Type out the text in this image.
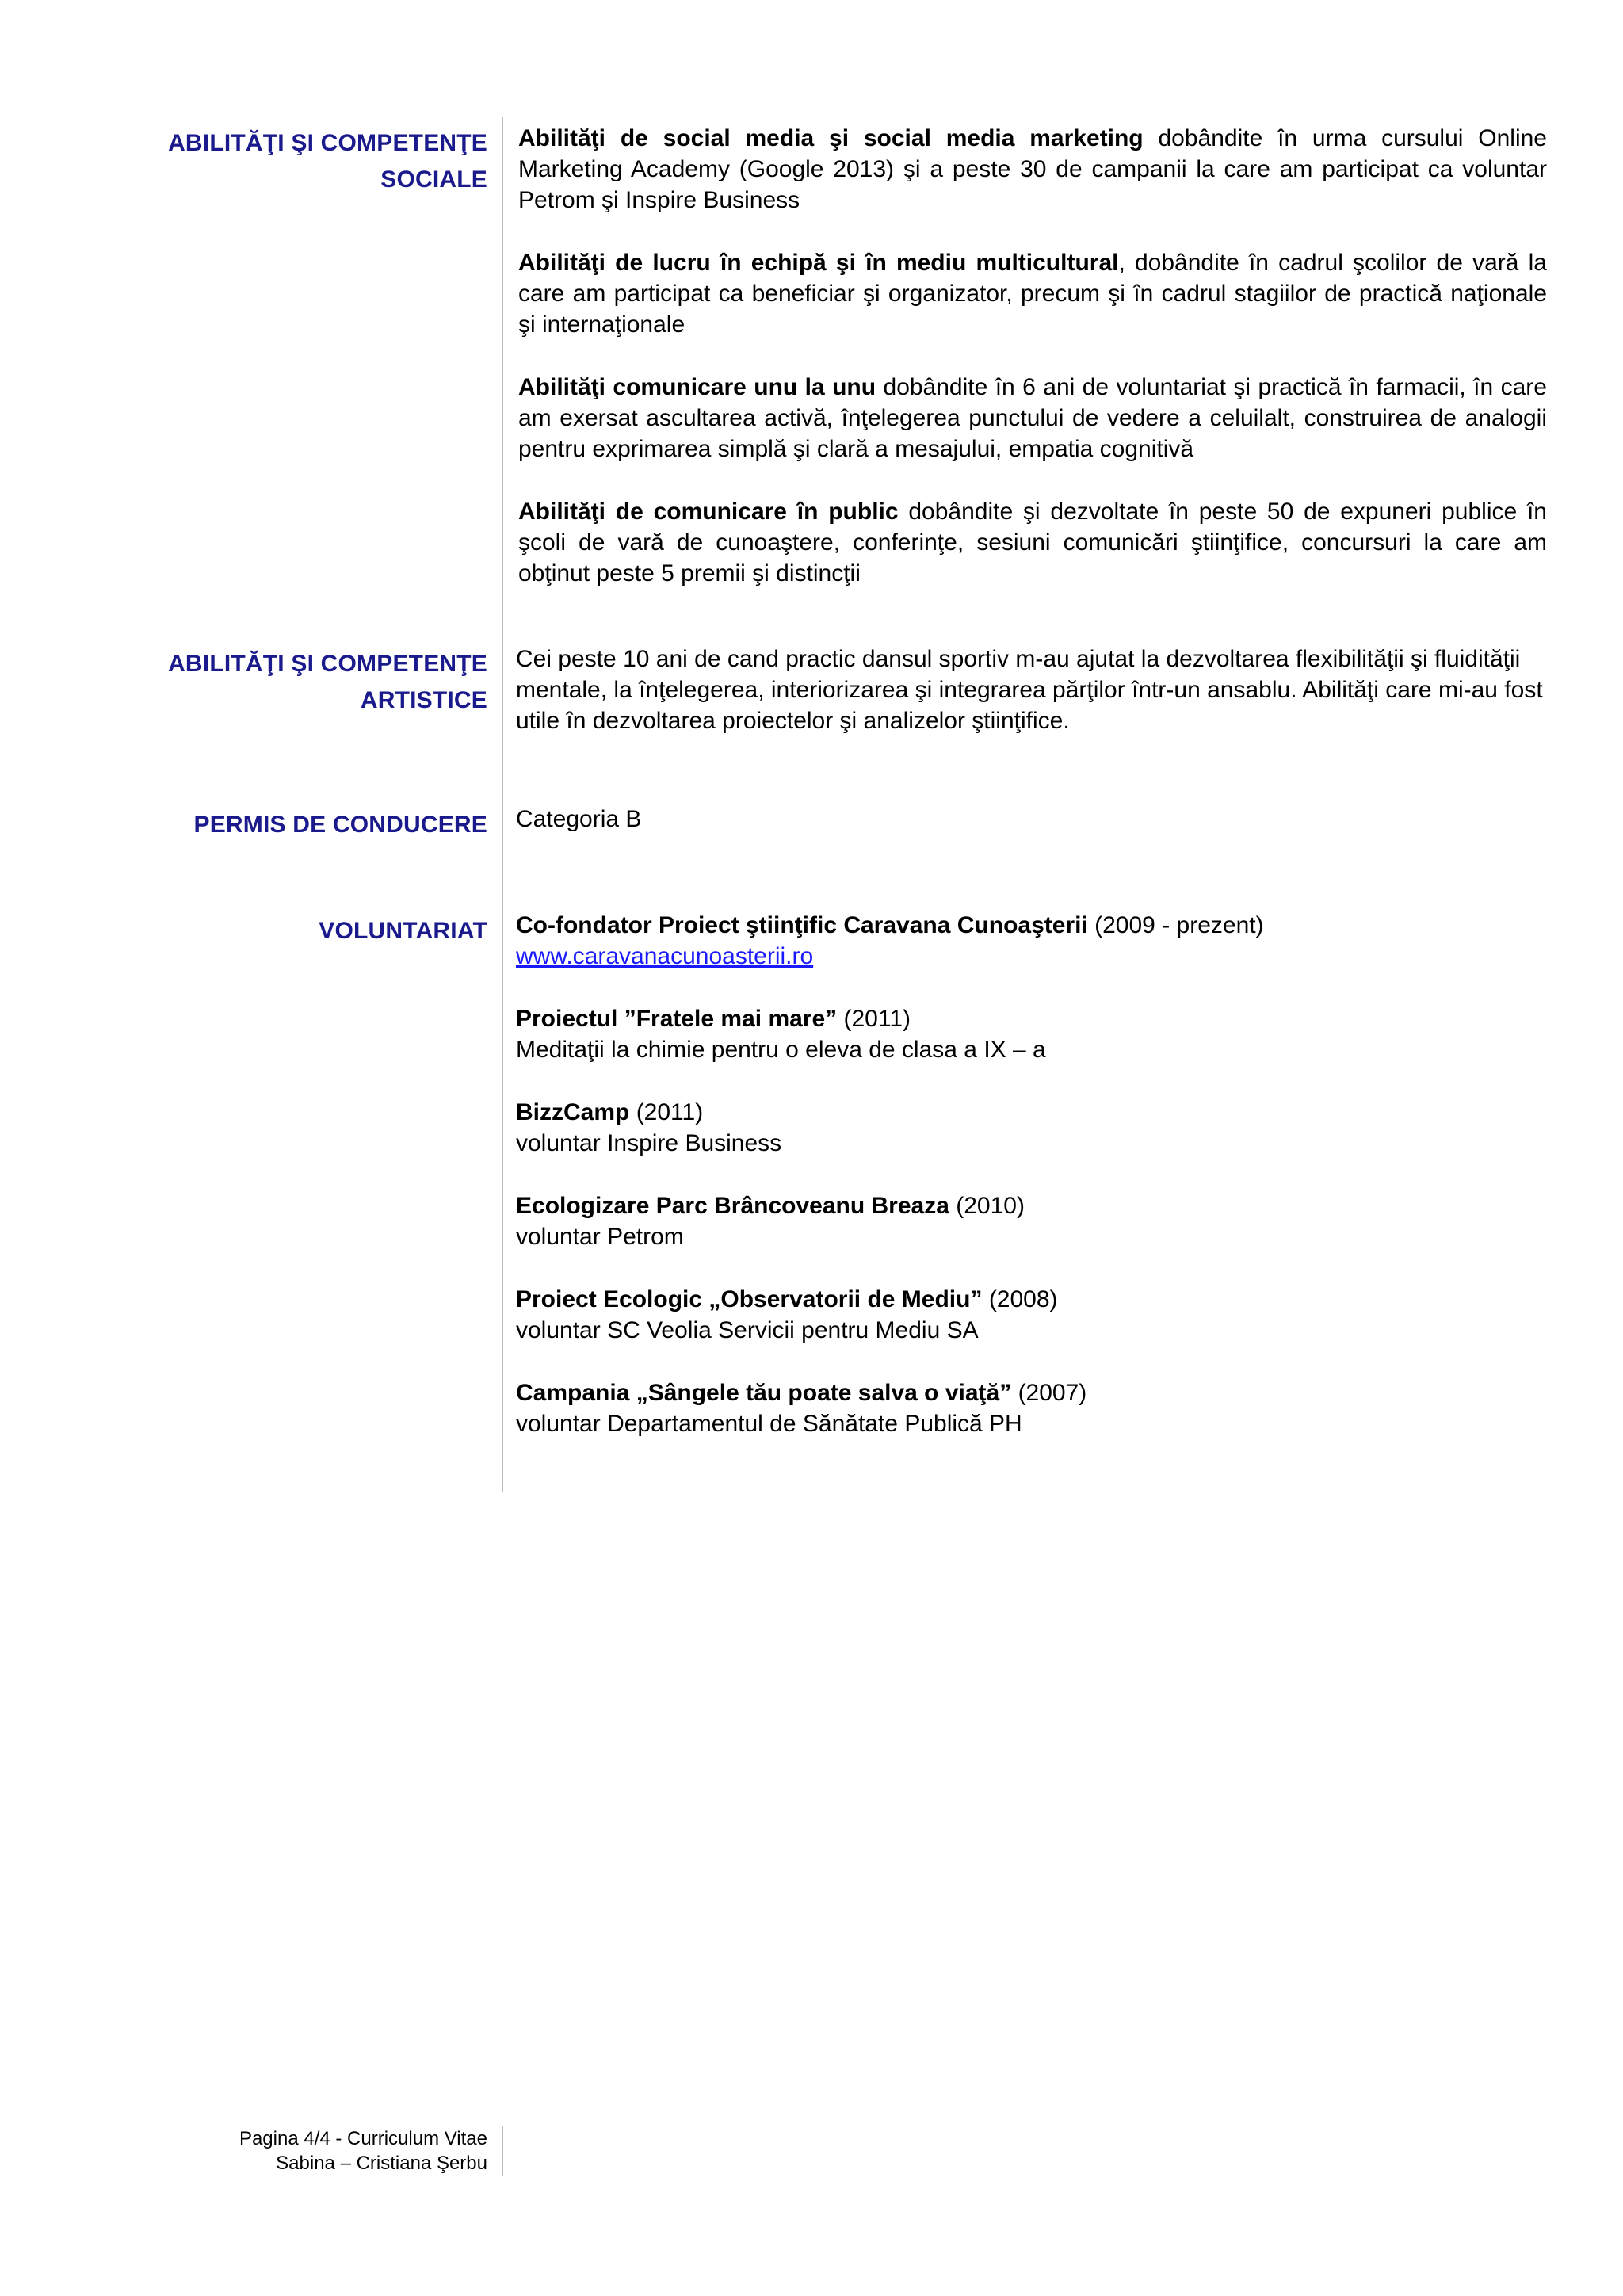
ABILITĂŢI ŞI COMPETENŢE
SOCIALE

Abilităţi de social media şi social media marketing dobândite în urma cursului Online Marketing Academy (Google 2013) şi a peste 30 de campanii la care am participat ca voluntar Petrom şi Inspire Business

Abilităţi de lucru în echipă şi în mediu multicultural, dobândite în cadrul şcolilor de vară la care am participat ca beneficiar şi organizator, precum şi în cadrul stagiilor de practică naţionale şi internaţionale

Abilităţi comunicare unu la unu dobândite în 6 ani de voluntariat şi practică în farmacii, în care am exersat ascultarea activă, înţelegerea punctului de vedere a celuilalt, construirea de analogii pentru exprimarea simplă şi clară a mesajului, empatia cognitivă

Abilităţi de comunicare în public dobândite şi dezvoltate în peste 50 de expuneri publice în şcoli de vară de cunoaştere, conferinţe, sesiuni comunicări ştiinţifice, concursuri la care am obţinut peste 5 premii şi distincţii

ABILITĂŢI ŞI COMPETENŢE
ARTISTICE
Cei peste 10 ani de cand practic dansul sportiv m-au ajutat la dezvoltarea flexibilităţii şi fluidităţii
mentale, la înţelegerea, interiorizarea şi integrarea părţilor într-un ansablu. Abilităţi care mi-au fost
utile în dezvoltarea proiectelor şi analizelor ştiinţifice.
PERMIS DE CONDUCERE Categoria B
VOLUNTARIAT Co-fondator Proiect ştiinţific Caravana Cunoaşterii (2009 - prezent)
www.caravanacunoasterii.ro
Proiectul ”Fratele mai mare” (2011)
Meditaţii la chimie pentru o eleva de clasa a IX – a
BizzCamp (2011)
voluntar Inspire Business
Ecologizare Parc Brâncoveanu Breaza (2010)
voluntar Petrom
Proiect Ecologic „Observatorii de Mediu” (2008)
voluntar SC Veolia Servicii pentru Mediu SA
Campania „Sângele tău poate salva o viaţă” (2007)
voluntar Departamentul de Sănătate Publică PH
Pagina 4/4 - Curriculum Vitae
Sabina – Cristiana Şerbu
